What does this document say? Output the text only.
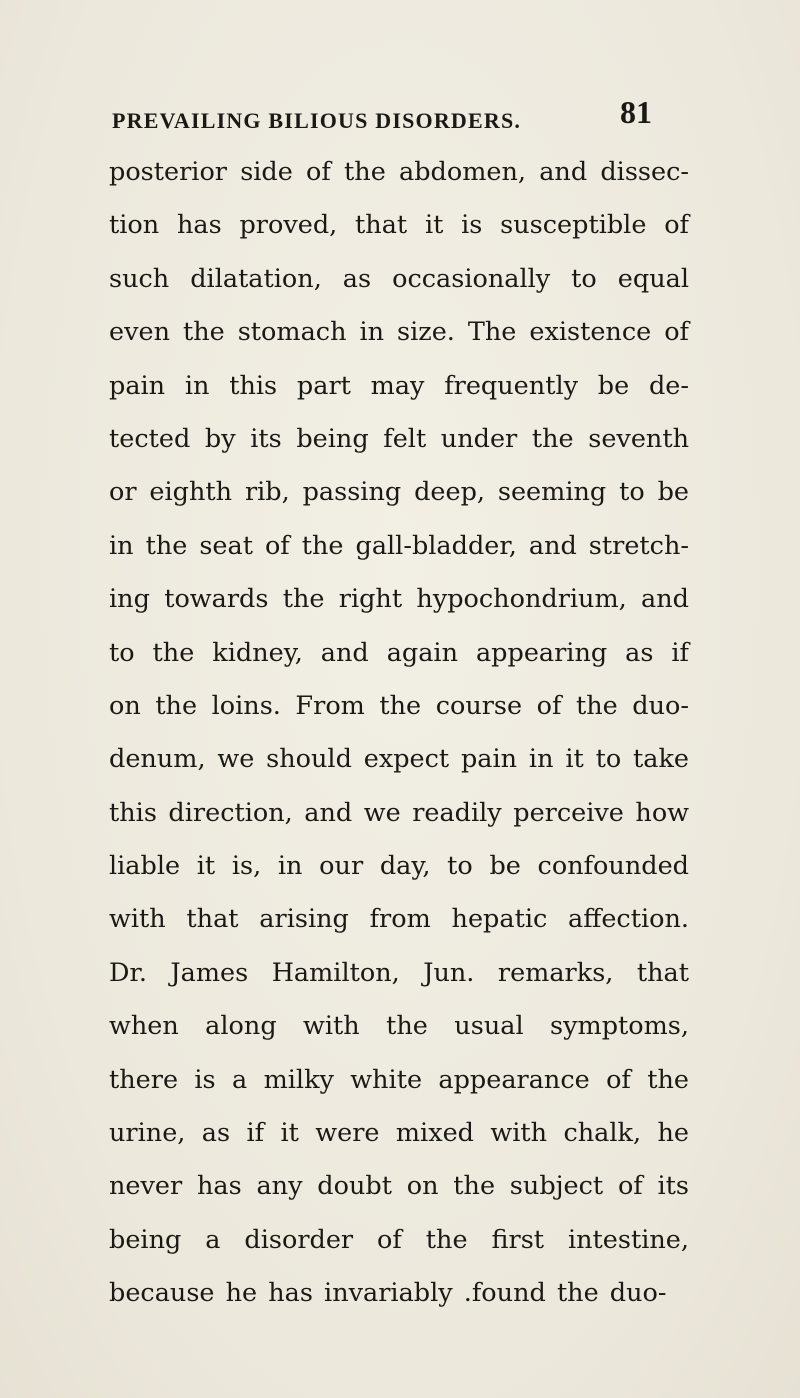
PREVAILING BILIOUS DISORDERS.	81
posterior side of the abdomen, and dissec-
tion has proved, that it is susceptible of
such dilatation, as occasionally to equal
even the stomach in size. The existence of
pain in this part may frequently be de-
tected by its being felt under the seventh
or eighth rib, passing deep, seeming to be
in the seat of the gall-bladder, and stretch-
ing towards the right hypochondrium, and
to the kidney, and again appearing as if
on the loins. From the course of the duo-
denum, we should expect pain in it to take
this direction, and we readily perceive how
liable it is, in our day, to be confounded
with that arising from hepatic affection.
Dr. James Hamilton, Jun. remarks, that
when along with the usual symptoms,
there is a milky white appearance of the
urine, as if it were mixed with chalk, he
never has any doubt on the subject of its
being a disorder of the first intestine,
because he has invariably .found the duo-
